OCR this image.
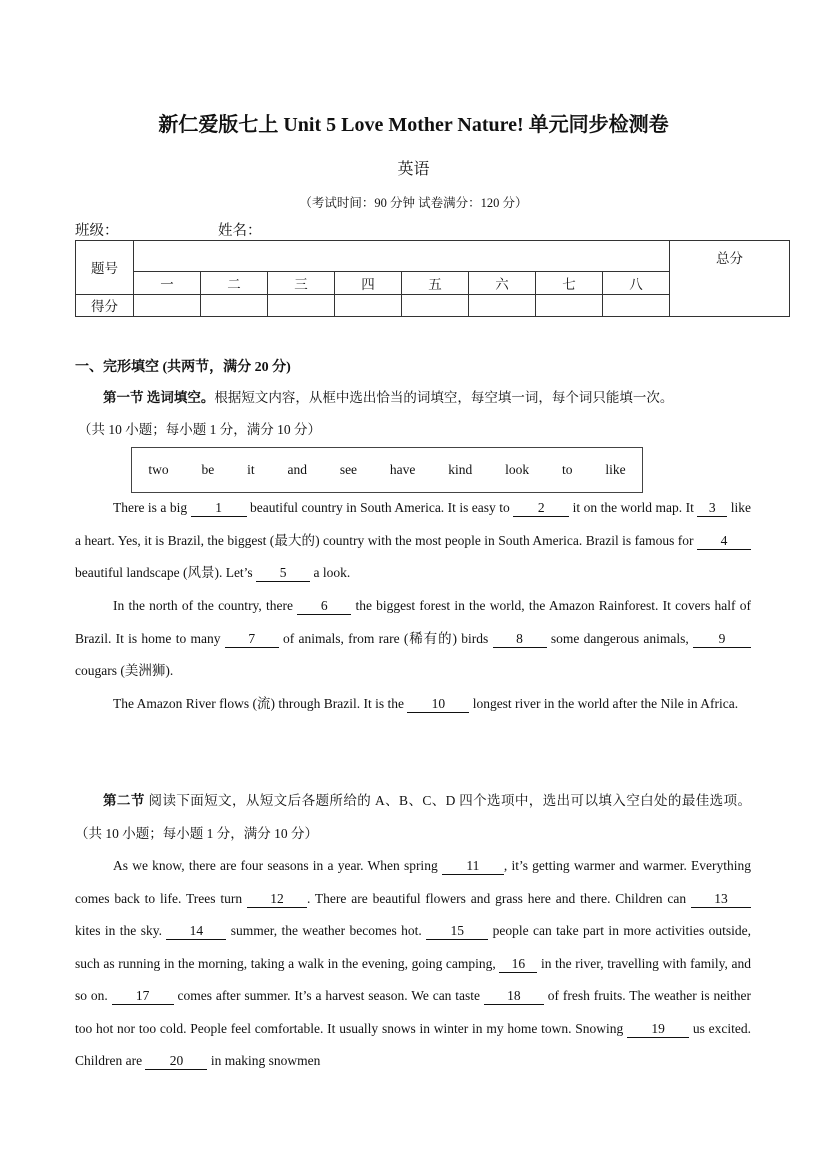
新仁爱版七上 Unit 5 Love Mother Nature! 单元同步检测卷
英语
（考试时间：90 分钟 试卷满分：120 分）
班级：	姓名：
题号									总分
	一	二	三	四	五	六	七	八	
得分									
一、完形填空 (共两节，满分 20 分)
第一节 选词填空。根据短文内容，从框中选出恰当的词填空，每空填一词，每个词只能填一次。
（共 10 小题；每小题 1 分，满分 10 分）
two be it and see have kind look to like
There is a big 1 beautiful country in South America. It is easy to 2 it on the world map. It 3 like a heart. Yes, it is Brazil, the biggest (最大的) country with the most people in South America. Brazil is famous for 4 beautiful landscape (风景). Let’s 5 a look.
In the north of the country, there 6 the biggest forest in the world, the Amazon Rainforest. It covers half of Brazil. It is home to many 7 of animals, from rare (稀有的) birds 8 some dangerous animals, 9 cougars (美洲狮).
The Amazon River flows (流) through Brazil. It is the 10 longest river in the world after the Nile in Africa.
第二节 阅读下面短文，从短文后各题所给的 A、B、C、D 四个选项中，选出可以填入空白处的最佳选项。（共 10 小题；每小题 1 分，满分 10 分）
As we know, there are four seasons in a year. When spring 11 , it’s getting warmer and warmer. Everything comes back to life. Trees turn 12 . There are beautiful flowers and grass here and there. Children can 13 kites in the sky. 14 summer, the weather becomes hot. 15 people can take part in more activities outside, such as running in the morning, taking a walk in the evening, going camping, 16 in the river, travelling with family, and so on. 17 comes after summer. It’s a harvest season. We can taste 18 of fresh fruits. The weather is neither too hot nor too cold. People feel comfortable. It usually snows in winter in my home town. Snowing 19 us excited. Children are 20 in making snowmen
